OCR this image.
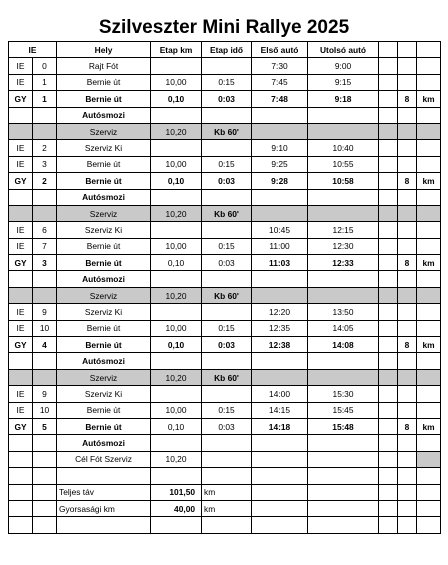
Szilveszter Mini Rallye 2025
IE		Hely	Etap km	Etap idő	Első autó	Utolsó autó			
IE	0	Rajt Fót			7:30	9:00			
IE	1	Bernie út	10,00	0:15	7:45	9:15			
GY	1	Bernie út	0,10	0:03	7:48	9:18		8	km
		Autósmozi							
		Szerviz	10,20	Kb 60'					
IE	2	Szerviz Ki			9:10	10:40			
IE	3	Bernie út	10,00	0:15	9:25	10:55			
GY	2	Bernie út	0,10	0:03	9:28	10:58		8	km
		Autósmozi							
		Szerviz	10,20	Kb 60'					
IE	6	Szerviz Ki			10:45	12:15			
IE	7	Bernie út	10,00	0:15	11:00	12:30			
GY	3	Bernie út	0,10	0:03	11:03	12:33		8	km
		Autósmozi							
		Szerviz	10,20	Kb 60'					
IE	9	Szerviz Ki			12:20	13:50			
IE	10	Bernie út	10,00	0:15	12:35	14:05			
GY	4	Bernie út	0,10	0:03	12:38	14:08		8	km
		Autósmozi							
		Szerviz	10,20	Kb 60'					
IE	9	Szerviz Ki			14:00	15:30			
IE	10	Bernie út	10,00	0:15	14:15	15:45			
GY	5	Bernie út	0,10	0:03	14:18	15:48		8	km
		Autósmozi							
		Cél Fót Szerviz	10,20						

		Teljes táv	101,50	km					
		Gyorsasági km	40,00	km					
